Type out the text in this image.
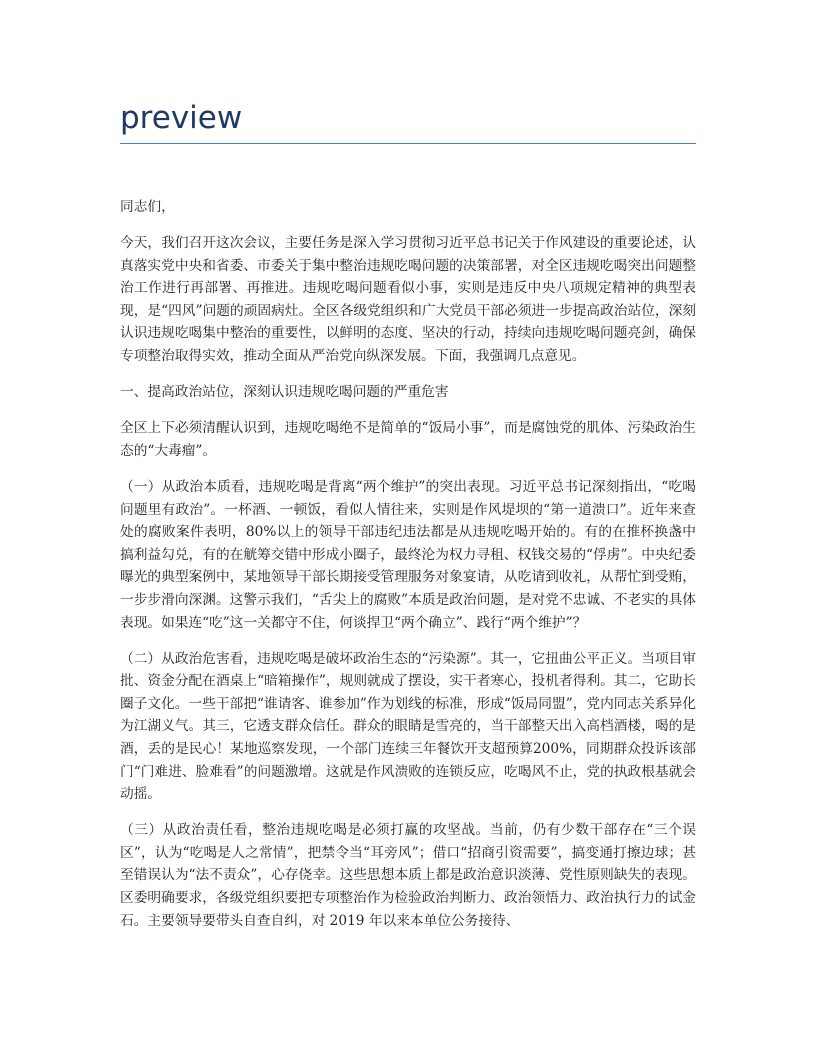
preview

同志们，

今天，我们召开这次会议，主要任务是深入学习贯彻习近平总书记关于作风建设的重要论述，认真落实党中央和省委、市委关于集中整治违规吃喝问题的决策部署，对全区违规吃喝突出问题整治工作进行再部署、再推进。违规吃喝问题看似小事，实则是违反中央八项规定精神的典型表现，是“四风”问题的顽固病灶。全区各级党组织和广大党员干部必须进一步提高政治站位，深刻认识违规吃喝集中整治的重要性，以鲜明的态度、坚决的行动，持续向违规吃喝问题亮剑，确保专项整治取得实效，推动全面从严治党向纵深发展。下面，我强调几点意见。

一、提高政治站位，深刻认识违规吃喝问题的严重危害

全区上下必须清醒认识到，违规吃喝绝不是简单的“饭局小事”，而是腐蚀党的肌体、污染政治生态的“大毒瘤”。

（一）从政治本质看，违规吃喝是背离“两个维护”的突出表现。习近平总书记深刻指出，“吃喝问题里有政治”。一杯酒、一顿饭，看似人情往来，实则是作风堤坝的“第一道溃口”。近年来查处的腐败案件表明，80%以上的领导干部违纪违法都是从违规吃喝开始的。有的在推杯换盏中搞利益勾兑，有的在觥筹交错中形成小圈子，最终沦为权力寻租、权钱交易的“俘虏”。中央纪委曝光的典型案例中，某地领导干部长期接受管理服务对象宴请，从吃请到收礼，从帮忙到受贿，一步步滑向深渊。这警示我们，“舌尖上的腐败”本质是政治问题，是对党不忠诚、不老实的具体表现。如果连“吃”这一关都守不住，何谈捍卫“两个确立”、践行“两个维护”？

（二）从政治危害看，违规吃喝是破坏政治生态的“污染源”。其一，它扭曲公平正义。当项目审批、资金分配在酒桌上“暗箱操作”，规则就成了摆设，实干者寒心，投机者得利。其二，它助长圈子文化。一些干部把“谁请客、谁参加”作为划线的标准，形成“饭局同盟”，党内同志关系异化为江湖义气。其三，它透支群众信任。群众的眼睛是雪亮的，当干部整天出入高档酒楼，喝的是酒，丢的是民心！某地巡察发现，一个部门连续三年餐饮开支超预算200%，同期群众投诉该部门“门难进、脸难看”的问题激增。这就是作风溃败的连锁反应，吃喝风不止，党的执政根基就会动摇。

（三）从政治责任看，整治违规吃喝是必须打赢的攻坚战。当前，仍有少数干部存在“三个误区”，认为“吃喝是人之常情”，把禁令当“耳旁风”；借口“招商引资需要”，搞变通打擦边球；甚至错误认为“法不责众”，心存侥幸。这些思想本质上都是政治意识淡薄、党性原则缺失的表现。区委明确要求，各级党组织要把专项整治作为检验政治判断力、政治领悟力、政治执行力的试金石。主要领导要带头自查自纠，对 2019 年以来本单位公务接待、
